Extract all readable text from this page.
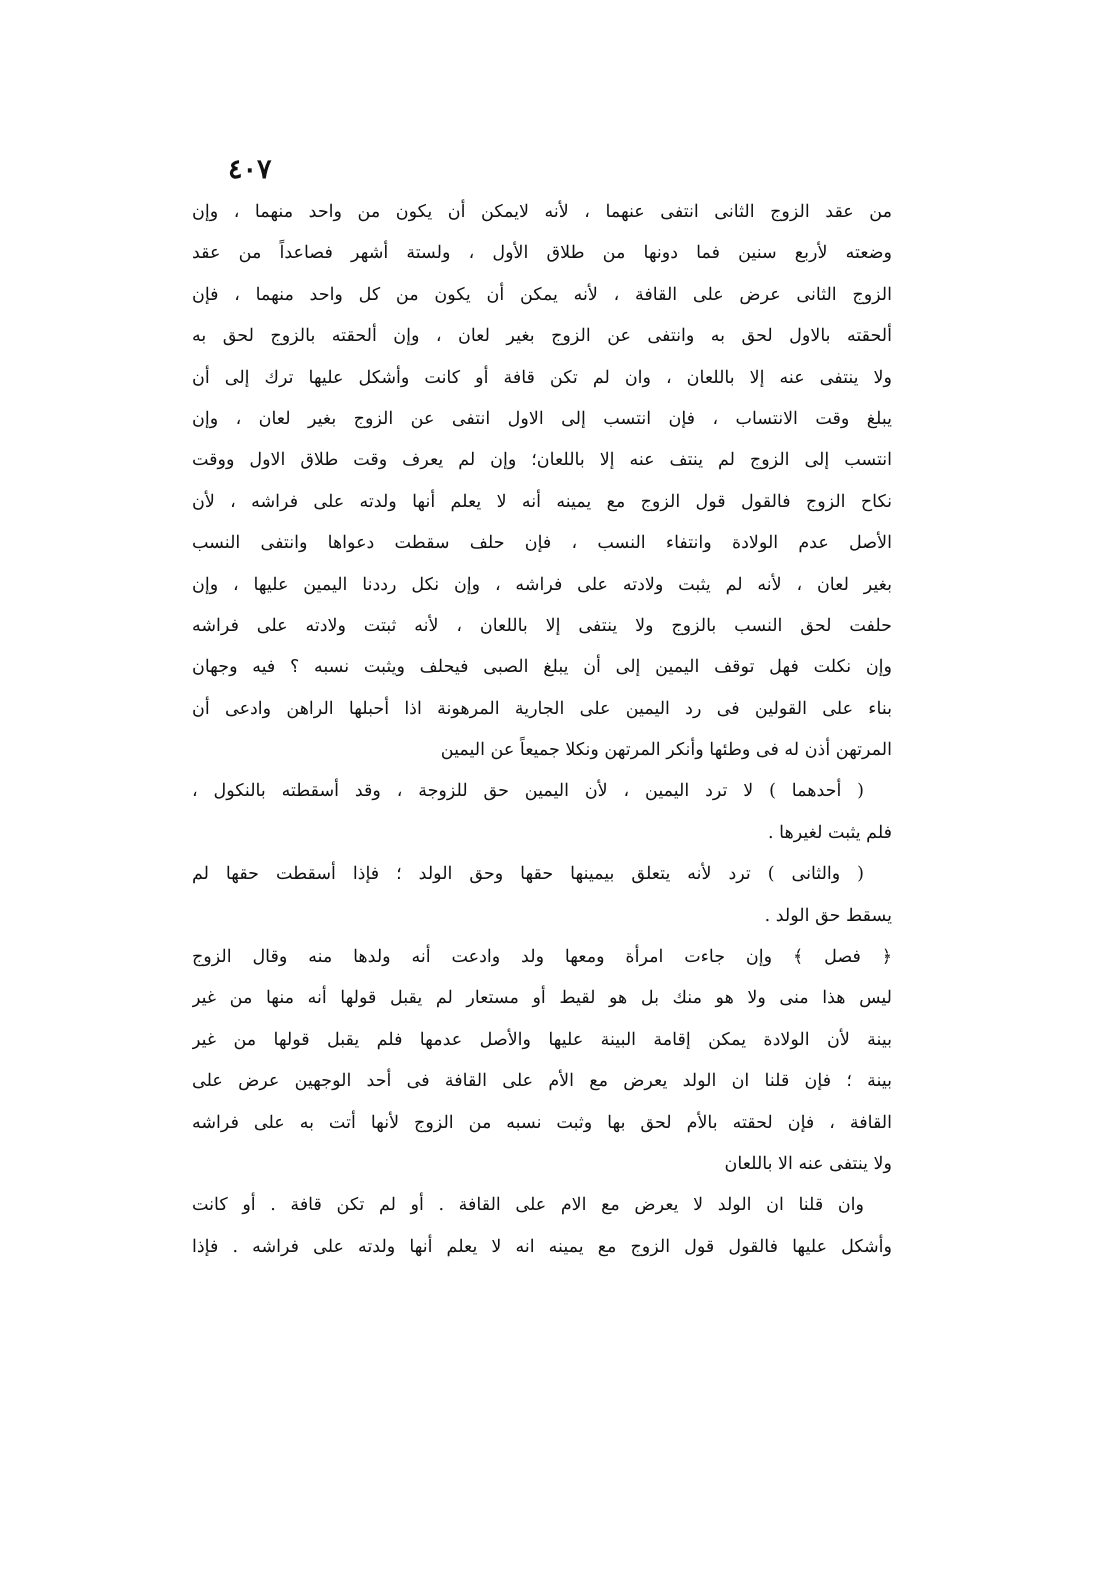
٤٠٧
من عقد الزوج الثانى انتفى عنهما ، لأنه لايمكن أن يكون من واحد منهما ، وإن
وضعته لأربع سنين فما دونها من طلاق الأول ، ولستة أشهر فصاعداً من عقد
الزوج الثانى عرض على القافة ، لأنه يمكن أن يكون من كل واحد منهما ، فإن
ألحقته بالاول لحق به وانتفى عن الزوج بغير لعان ، وإن ألحقته بالزوج لحق به
ولا ينتفى عنه إلا باللعان ، وان لم تكن قافة أو كانت وأشكل عليها ترك إلى أن
يبلغ وقت الانتساب ، فإن انتسب إلى الاول انتفى عن الزوج بغير لعان ، وإن
انتسب إلى الزوج لم ينتف عنه إلا باللعان؛ وإن لم يعرف وقت طلاق الاول ووقت
نكاح الزوج فالقول قول الزوج مع يمينه أنه لا يعلم أنها ولدته على فراشه ، لأن
الأصل عدم الولادة وانتفاء النسب ، فإن حلف سقطت دعواها وانتفى النسب
بغير لعان ، لأنه لم يثبت ولادته على فراشه ، وإن نكل رددنا اليمين عليها ، وإن
حلفت لحق النسب بالزوج ولا ينتفى إلا باللعان ، لأنه ثبتت ولادته على فراشه
وإن نكلت فهل توقف اليمين إلى أن يبلغ الصبى فيحلف ويثبت نسبه ؟ فيه وجهان
بناء على القولين فى رد اليمين على الجارية المرهونة اذا أحبلها الراهن وادعى أن
المرتهن أذن له فى وطئها وأنكر المرتهن ونكلا جميعاً عن اليمين
( أحدهما ) لا ترد اليمين ، لأن اليمين حق للزوجة ، وقد أسقطته بالنكول ،
فلم يثبت لغيرها .
( والثانى ) ترد لأنه يتعلق بيمينها حقها وحق الولد ؛ فإذا أسقطت حقها لم
يسقط حق الولد .
﴿ فصل ﴾ وإن جاءت امرأة ومعها ولد وادعت أنه ولدها منه وقال الزوج
ليس هذا منى ولا هو منك بل هو لقيط أو مستعار لم يقبل قولها أنه منها من غير
بينة لأن الولادة يمكن إقامة البينة عليها والأصل عدمها فلم يقبل قولها من غير
بينة ؛ فإن قلنا ان الولد يعرض مع الأم على القافة فى أحد الوجهين عرض على
القافة ، فإن لحقته بالأم لحق بها وثبت نسبه من الزوج لأنها أتت به على فراشه
ولا ينتفى عنه الا باللعان
وان قلنا ان الولد لا يعرض مع الام على القافة . أو لم تكن قافة . أو كانت
وأشكل عليها فالقول قول الزوج مع يمينه انه لا يعلم أنها ولدته على فراشه . فإذا
